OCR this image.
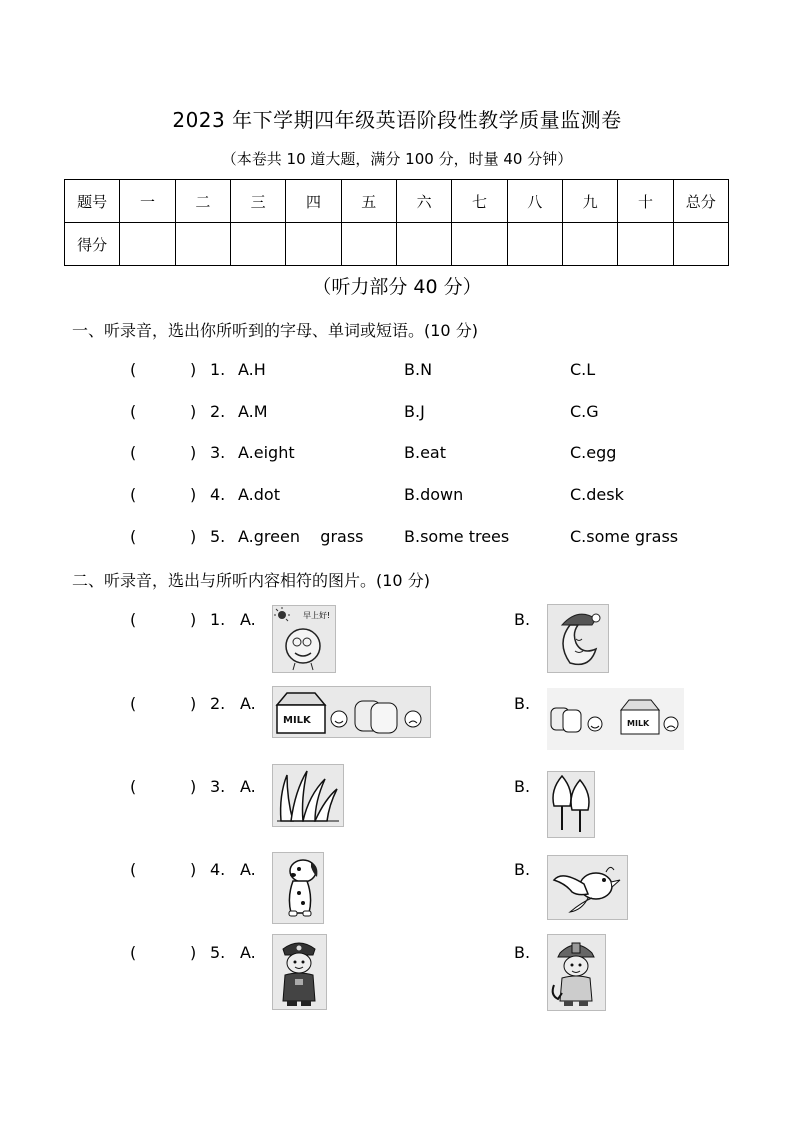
2023 年下学期四年级英语阶段性教学质量监测卷
（本卷共 10 道大题，满分 100 分，时量 40 分钟）
题号	一	二	三	四	五	六	七	八	九	十	总分
得分											
（听力部分 40 分）
一、听录音，选出你所听到的字母、单词或短语。(10 分)
(	) 1. A.H	B.N	C.L
(	) 2. A.M	B.J	C.G
(	) 3. A.eight	B.eat	C.egg
(	) 4. A.dot	B.down	C.desk
(	) 5. A.green    grass	B.some trees	C.some grass
二、听录音，选出与所听内容相符的图片。(10 分)
(	) 1. A.	B.
早上好!
(	) 2. A.	B.
MILK	MILK
(	) 3. A.	B.
(	) 4. A.	B.
(	) 5. A.	B.
